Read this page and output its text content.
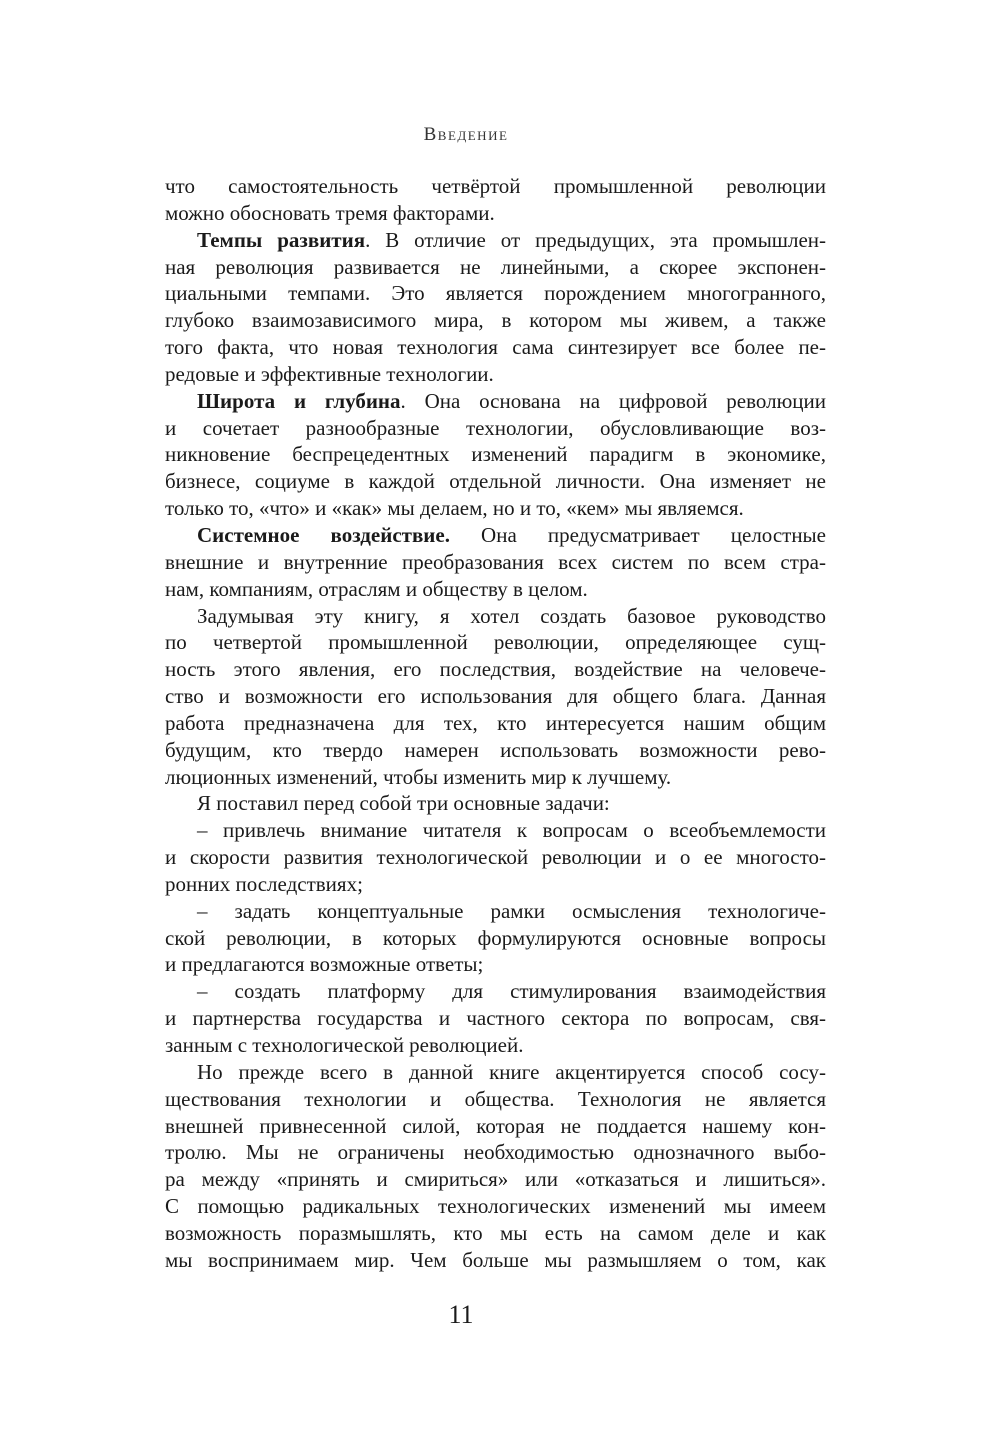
Введение
что самостоятельность четвёртой промышленной революции
можно обосновать тремя факторами.
Темпы развития. В отличие от предыдущих, эта промышлен-
ная революция развивается не линейными, а скорее экспонен-
циальными темпами. Это является порождением многогранного,
глубоко взаимозависимого мира, в котором мы живем, а также
того факта, что новая технология сама синтезирует все более пе-
редовые и эффективные технологии.
Широта и глубина. Она основана на цифровой революции
и сочетает разнообразные технологии, обусловливающие воз-
никновение беспрецедентных изменений парадигм в экономике,
бизнесе, социуме в каждой отдельной личности. Она изменяет не
только то, «что» и «как» мы делаем, но и то, «кем» мы являемся.
Системное воздействие. Она предусматривает целостные
внешние и внутренние преобразования всех систем по всем стра-
нам, компаниям, отраслям и обществу в целом.
Задумывая эту книгу, я хотел создать базовое руководство
по четвертой промышленной революции, определяющее сущ-
ность этого явления, его последствия, воздействие на человече-
ство и возможности его использования для общего блага. Данная
работа предназначена для тех, кто интересуется нашим общим
будущим, кто твердо намерен использовать возможности рево-
люционных изменений, чтобы изменить мир к лучшему.
Я поставил перед собой три основные задачи:
– привлечь внимание читателя к вопросам о всеобъемлемости
и скорости развития технологической революции и о ее многосто-
ронних последствиях;
– задать концептуальные рамки осмысления технологиче-
ской революции, в которых формулируются основные вопросы
и предлагаются возможные ответы;
– создать платформу для стимулирования взаимодействия
и партнерства государства и частного сектора по вопросам, свя-
занным с технологической революцией.
Но прежде всего в данной книге акцентируется способ сосу-
ществования технологии и общества. Технология не является
внешней привнесенной силой, которая не поддается нашему кон-
тролю. Мы не ограничены необходимостью однозначного выбо-
ра между «принять и смириться» или «отказаться и лишиться».
С помощью радикальных технологических изменений мы имеем
возможность поразмышлять, кто мы есть на самом деле и как
мы воспринимаем мир. Чем больше мы размышляем о том, как
11
